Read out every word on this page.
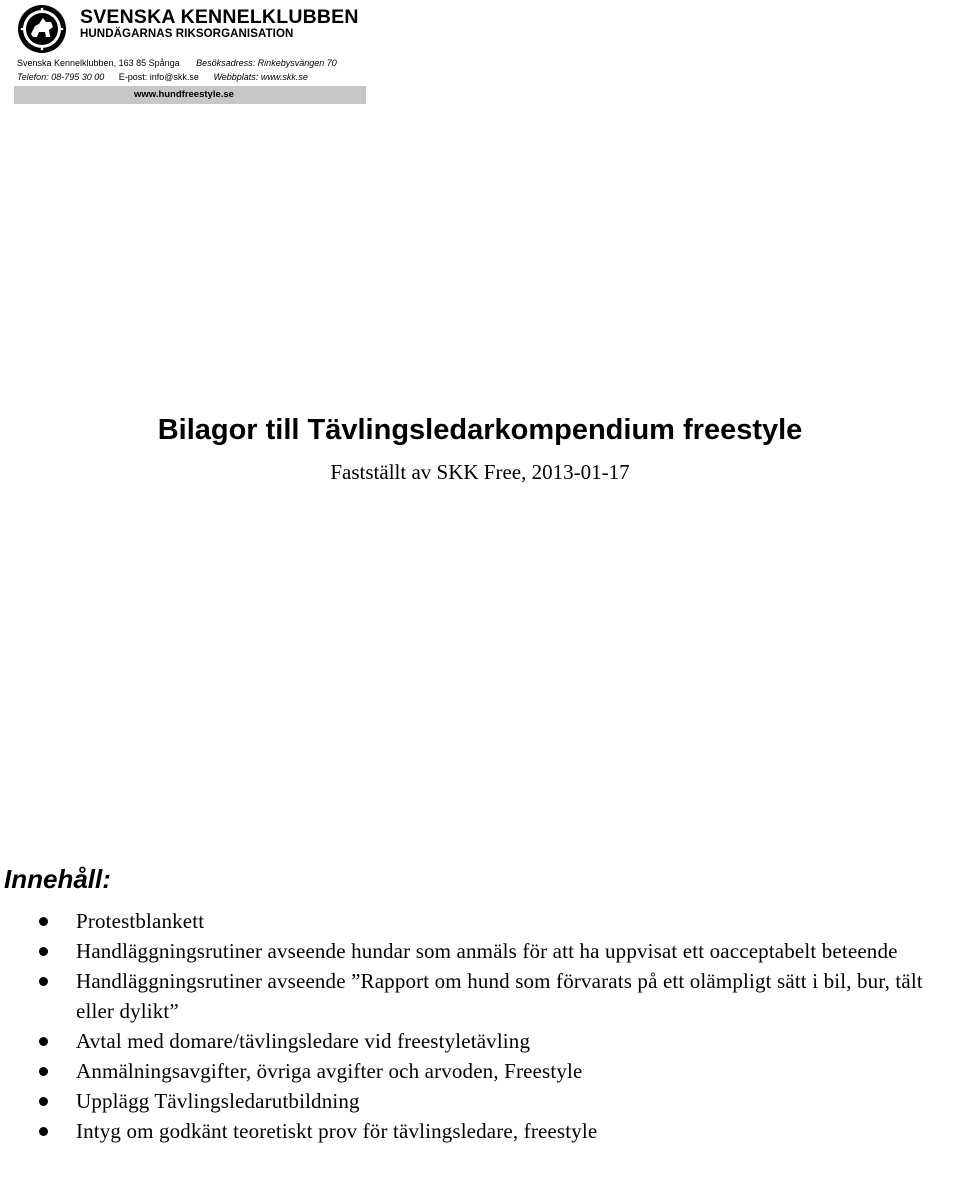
SVENSKA KENNELKLUBBEN
HUNDÄGARNAS RIKSORGANISATION
Svenska Kennelklubben, 163 85 Spånga Besöksadress: Rinkebysvängen 70
Telefon: 08-795 30 00 E-post: info@skk.se Webbplats: www.skk.se
www.hundfreestyle.se
Bilagor till Tävlingsledarkompendium freestyle
Fastställt av SKK Free, 2013-01-17
Innehåll:
Protestblankett
Handläggningsrutiner avseende hundar som anmäls för att ha uppvisat ett oacceptabelt beteende
Handläggningsrutiner avseende ”Rapport om hund som förvarats på ett olämpligt sätt i bil, bur, tält eller dylikt”
Avtal med domare/tävlingsledare vid freestyletävling
Anmälningsavgifter, övriga avgifter och arvoden, Freestyle
Upplägg Tävlingsledarutbildning
Intyg om godkänt teoretiskt prov för tävlingsledare, freestyle
